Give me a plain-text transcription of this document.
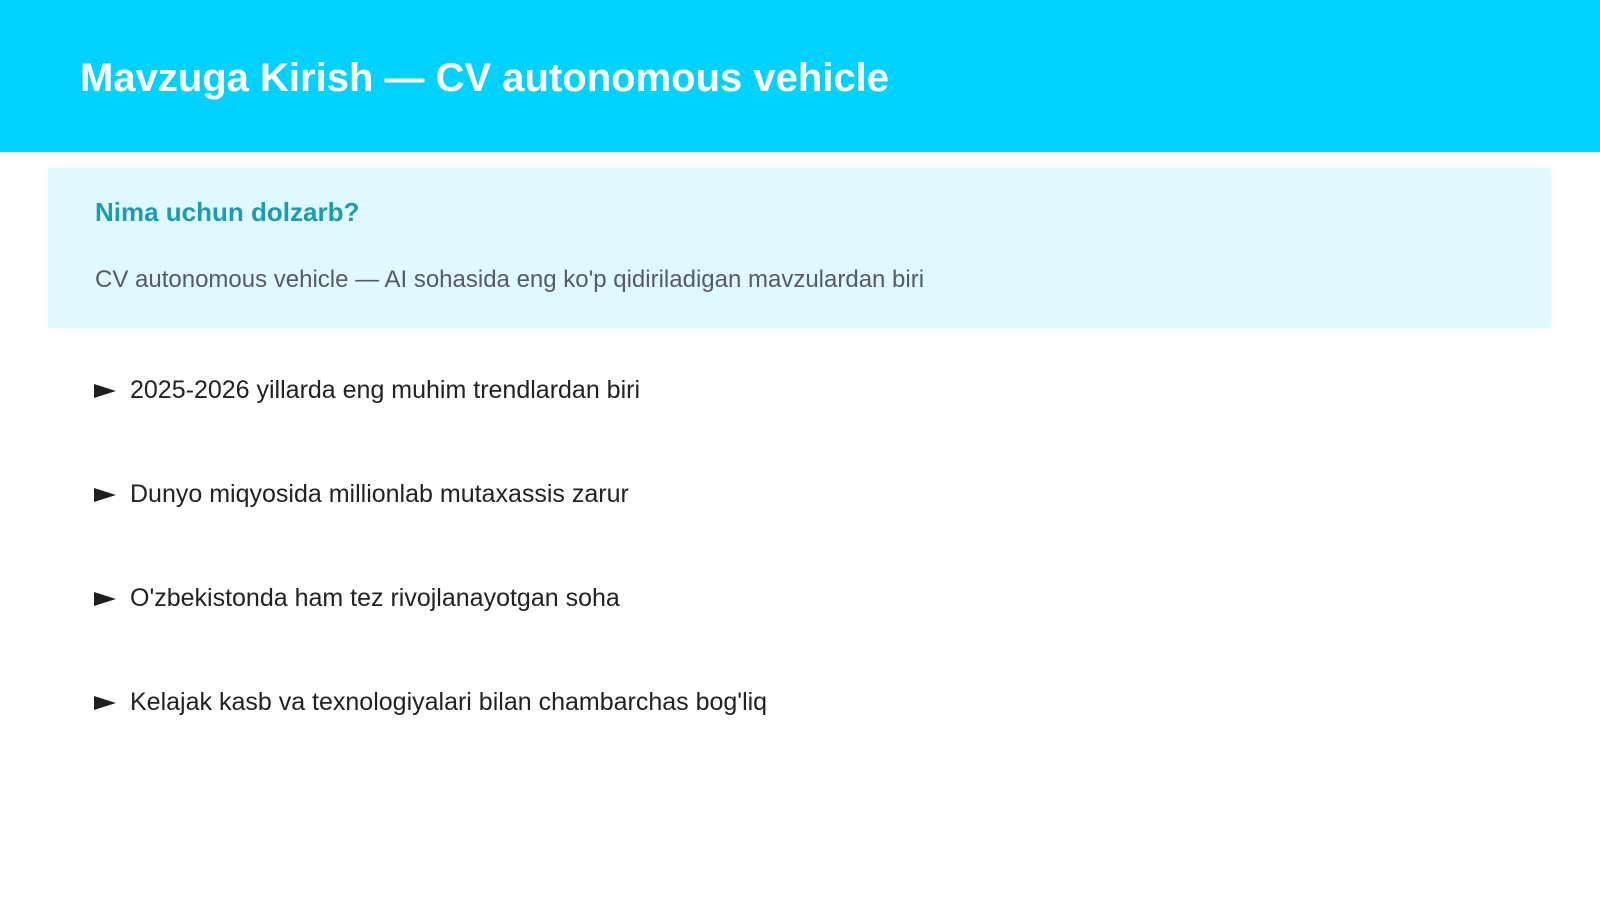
Mavzuga Kirish — CV autonomous vehicle
Nima uchun dolzarb?

CV autonomous vehicle — AI sohasida eng ko'p qidiriladigan mavzulardan biri

2025-2026 yillarda eng muhim trendlardan biri
Dunyo miqyosida millionlab mutaxassis zarur
O'zbekistonda ham tez rivojlanayotgan soha
Kelajak kasb va texnologiyalari bilan chambarchas bog'liq
